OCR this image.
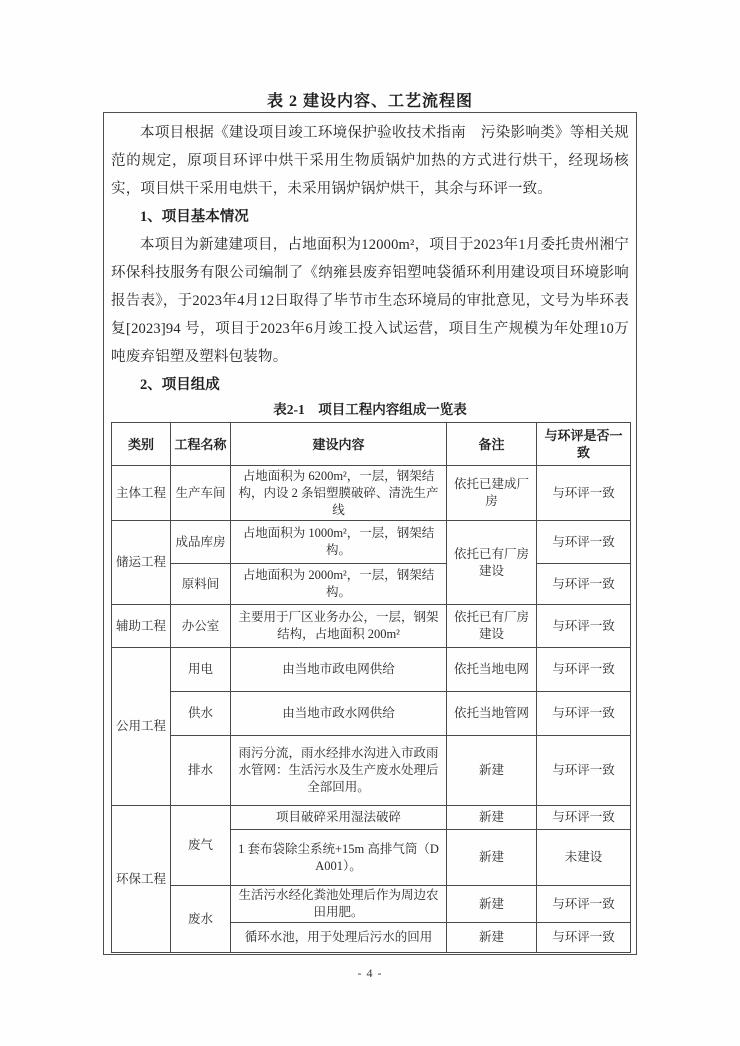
表 2 建设内容、工艺流程图
本项目根据《建设项目竣工环境保护验收技术指南　污染影响类》等相关规范的规定，原项目环评中烘干采用生物质锅炉加热的方式进行烘干，经现场核实，项目烘干采用电烘干，未采用锅炉锅炉烘干，其余与环评一致。
1、项目基本情况
本项目为新建建项目，占地面积为12000m²，项目于2023年1月委托贵州湘宁环保科技服务有限公司编制了《纳雍县废弃铝塑吨袋循环利用建设项目环境影响报告表》，于2023年4月12日取得了毕节市生态环境局的审批意见，文号为毕环表复[2023]94 号，项目于2023年6月竣工投入试运营，项目生产规模为年处理10万吨废弃铝塑及塑料包装物。
2、项目组成
表2-1　项目工程内容组成一览表
类别	工程名称	建设内容	备注	与环评是否一致
主体工程	生产车间	占地面积为 6200m²，一层，钢架结构，内设 2 条铝塑膜破碎、清洗生产线	依托已建成厂房	与环评一致
储运工程	成品库房	占地面积为 1000m²，一层，钢架结构。	依托已有厂房建设	与环评一致
	原料间	占地面积为 2000m²，一层，钢架结构。		与环评一致
辅助工程	办公室	主要用于厂区业务办公，一层，钢架结构，占地面积 200m²	依托已有厂房建设	与环评一致
公用工程	用电	由当地市政电网供给	依托当地电网	与环评一致
	供水	由当地市政水网供给	依托当地管网	与环评一致
	排水	雨污分流，雨水经排水沟进入市政雨水管网：生活污水及生产废水处理后全部回用。	新建	与环评一致
环保工程	废气	项目破碎采用湿法破碎	新建	与环评一致
		1 套布袋除尘系统+15m 高排气筒（DA001）。	新建	未建设
	废水	生活污水经化粪池处理后作为周边农田用肥。	新建	与环评一致
		循环水池，用于处理后污水的回用	新建	与环评一致
- 4 -
